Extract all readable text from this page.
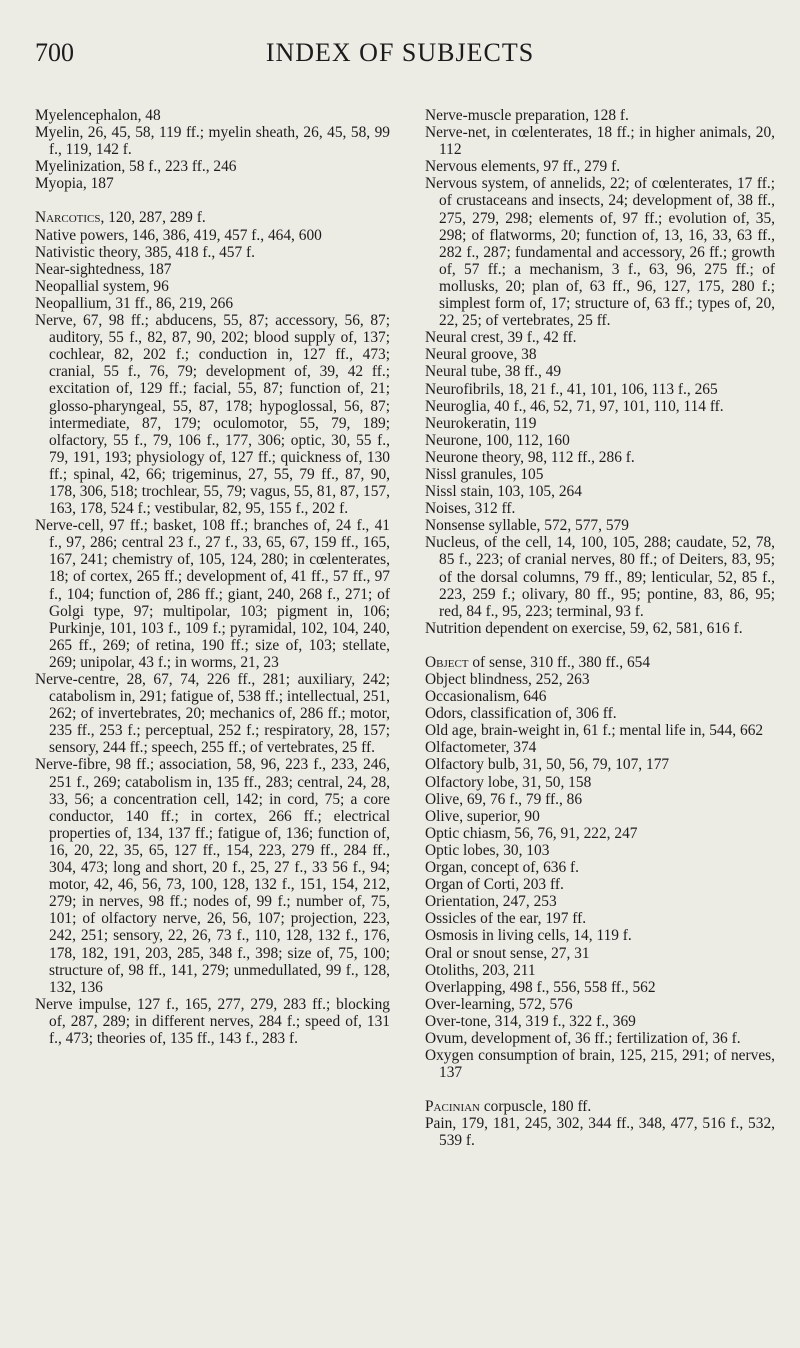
700	INDEX OF SUBJECTS

Myelencephalon, 48

Myelin, 26, 45, 58, 119 ff.; myelin sheath, 26, 45, 58, 99 f., 119, 142 f.

Myelinization, 58 f., 223 ff., 246

Myopia, 187

Narcotics, 120, 287, 289 f.

Native powers, 146, 386, 419, 457 f., 464, 600

Nativistic theory, 385, 418 f., 457 f.

Near-sightedness, 187

Neopallial system, 96

Neopallium, 31 ff., 86, 219, 266

Nerve, 67, 98 ff.; abducens, 55, 87; accessory, 56, 87; auditory, 55 f., 82, 87, 90, 202; blood supply of, 137; cochlear, 82, 202 f.; conduction in, 127 ff., 473; cranial, 55 f., 76, 79; development of, 39, 42 ff.; excitation of, 129 ff.; facial, 55, 87; function of, 21; glosso-pharyngeal, 55, 87, 178; hypoglossal, 56, 87; intermediate, 87, 179; oculomotor, 55, 79, 189; olfactory, 55 f., 79, 106 f., 177, 306; optic, 30, 55 f., 79, 191, 193; physiology of, 127 ff.; quickness of, 130 ff.; spinal, 42, 66; trigeminus, 27, 55, 79 ff., 87, 90, 178, 306, 518; trochlear, 55, 79; vagus, 55, 81, 87, 157, 163, 178, 524 f.; vestibular, 82, 95, 155 f., 202 f.

Nerve-cell, 97 ff.; basket, 108 ff.; branches of, 24 f., 41 f., 97, 286; central 23 f., 27 f., 33, 65, 67, 159 ff., 165, 167, 241; chemistry of, 105, 124, 280; in cœlenterates, 18; of cortex, 265 ff.; development of, 41 ff., 57 ff., 97 f., 104; function of, 286 ff.; giant, 240, 268 f., 271; of Golgi type, 97; multipolar, 103; pigment in, 106; Purkinje, 101, 103 f., 109 f.; pyramidal, 102, 104, 240, 265 ff., 269; of retina, 190 ff.; size of, 103; stellate, 269; unipolar, 43 f.; in worms, 21, 23

Nerve-centre, 28, 67, 74, 226 ff., 281; auxiliary, 242; catabolism in, 291; fatigue of, 538 ff.; intellectual, 251, 262; of invertebrates, 20; mechanics of, 286 ff.; motor, 235 ff., 253 f.; perceptual, 252 f.; respiratory, 28, 157; sensory, 244 ff.; speech, 255 ff.; of vertebrates, 25 ff.

Nerve-fibre, 98 ff.; association, 58, 96, 223 f., 233, 246, 251 f., 269; catabolism in, 135 ff., 283; central, 24, 28, 33, 56; a concentration cell, 142; in cord, 75; a core conductor, 140 ff.; in cortex, 266 ff.; electrical properties of, 134, 137 ff.; fatigue of, 136; function of, 16, 20, 22, 35, 65, 127 ff., 154, 223, 279 ff., 284 ff., 304, 473; long and short, 20 f., 25, 27 f., 33 56 f., 94; motor, 42, 46, 56, 73, 100, 128, 132 f., 151, 154, 212, 279; in nerves, 98 ff.; nodes of, 99 f.; number of, 75, 101; of olfactory nerve, 26, 56, 107; projection, 223, 242, 251; sensory, 22, 26, 73 f., 110, 128, 132 f., 176, 178, 182, 191, 203, 285, 348 f., 398; size of, 75, 100; structure of, 98 ff., 141, 279; unmedullated, 99 f., 128, 132, 136

Nerve impulse, 127 f., 165, 277, 279, 283 ff.; blocking of, 287, 289; in different nerves, 284 f.; speed of, 131 f., 473; theories of, 135 ff., 143 f., 283 f.

Nerve-muscle preparation, 128 f.

Nerve-net, in cœlenterates, 18 ff.; in higher animals, 20, 112

Nervous elements, 97 ff., 279 f.

Nervous system, of annelids, 22; of cœlenterates, 17 ff.; of crustaceans and insects, 24; development of, 38 ff., 275, 279, 298; elements of, 97 ff.; evolution of, 35, 298; of flatworms, 20; function of, 13, 16, 33, 63 ff., 282 f., 287; fundamental and accessory, 26 ff.; growth of, 57 ff.; a mechanism, 3 f., 63, 96, 275 ff.; of mollusks, 20; plan of, 63 ff., 96, 127, 175, 280 f.; simplest form of, 17; structure of, 63 ff.; types of, 20, 22, 25; of vertebrates, 25 ff.

Neural crest, 39 f., 42 ff.

Neural groove, 38

Neural tube, 38 ff., 49

Neurofibrils, 18, 21 f., 41, 101, 106, 113 f., 265

Neuroglia, 40 f., 46, 52, 71, 97, 101, 110, 114 ff.

Neurokeratin, 119

Neurone, 100, 112, 160

Neurone theory, 98, 112 ff., 286 f.

Nissl granules, 105

Nissl stain, 103, 105, 264

Noises, 312 ff.

Nonsense syllable, 572, 577, 579

Nucleus, of the cell, 14, 100, 105, 288; caudate, 52, 78, 85 f., 223; of cranial nerves, 80 ff.; of Deiters, 83, 95; of the dorsal columns, 79 ff., 89; lenticular, 52, 85 f., 223, 259 f.; olivary, 80 ff., 95; pontine, 83, 86, 95; red, 84 f., 95, 223; terminal, 93 f.

Nutrition dependent on exercise, 59, 62, 581, 616 f.

Object of sense, 310 ff., 380 ff., 654

Object blindness, 252, 263

Occasionalism, 646

Odors, classification of, 306 ff.

Old age, brain-weight in, 61 f.; mental life in, 544, 662

Olfactometer, 374

Olfactory bulb, 31, 50, 56, 79, 107, 177

Olfactory lobe, 31, 50, 158

Olive, 69, 76 f., 79 ff., 86

Olive, superior, 90

Optic chiasm, 56, 76, 91, 222, 247

Optic lobes, 30, 103

Organ, concept of, 636 f.

Organ of Corti, 203 ff.

Orientation, 247, 253

Ossicles of the ear, 197 ff.

Osmosis in living cells, 14, 119 f.

Oral or snout sense, 27, 31

Otoliths, 203, 211

Overlapping, 498 f., 556, 558 ff., 562

Over-learning, 572, 576

Over-tone, 314, 319 f., 322 f., 369

Ovum, development of, 36 ff.; fertilization of, 36 f.

Oxygen consumption of brain, 125, 215, 291; of nerves, 137

Pacinian corpuscle, 180 ff.

Pain, 179, 181, 245, 302, 344 ff., 348, 477, 516 f., 532, 539 f.
